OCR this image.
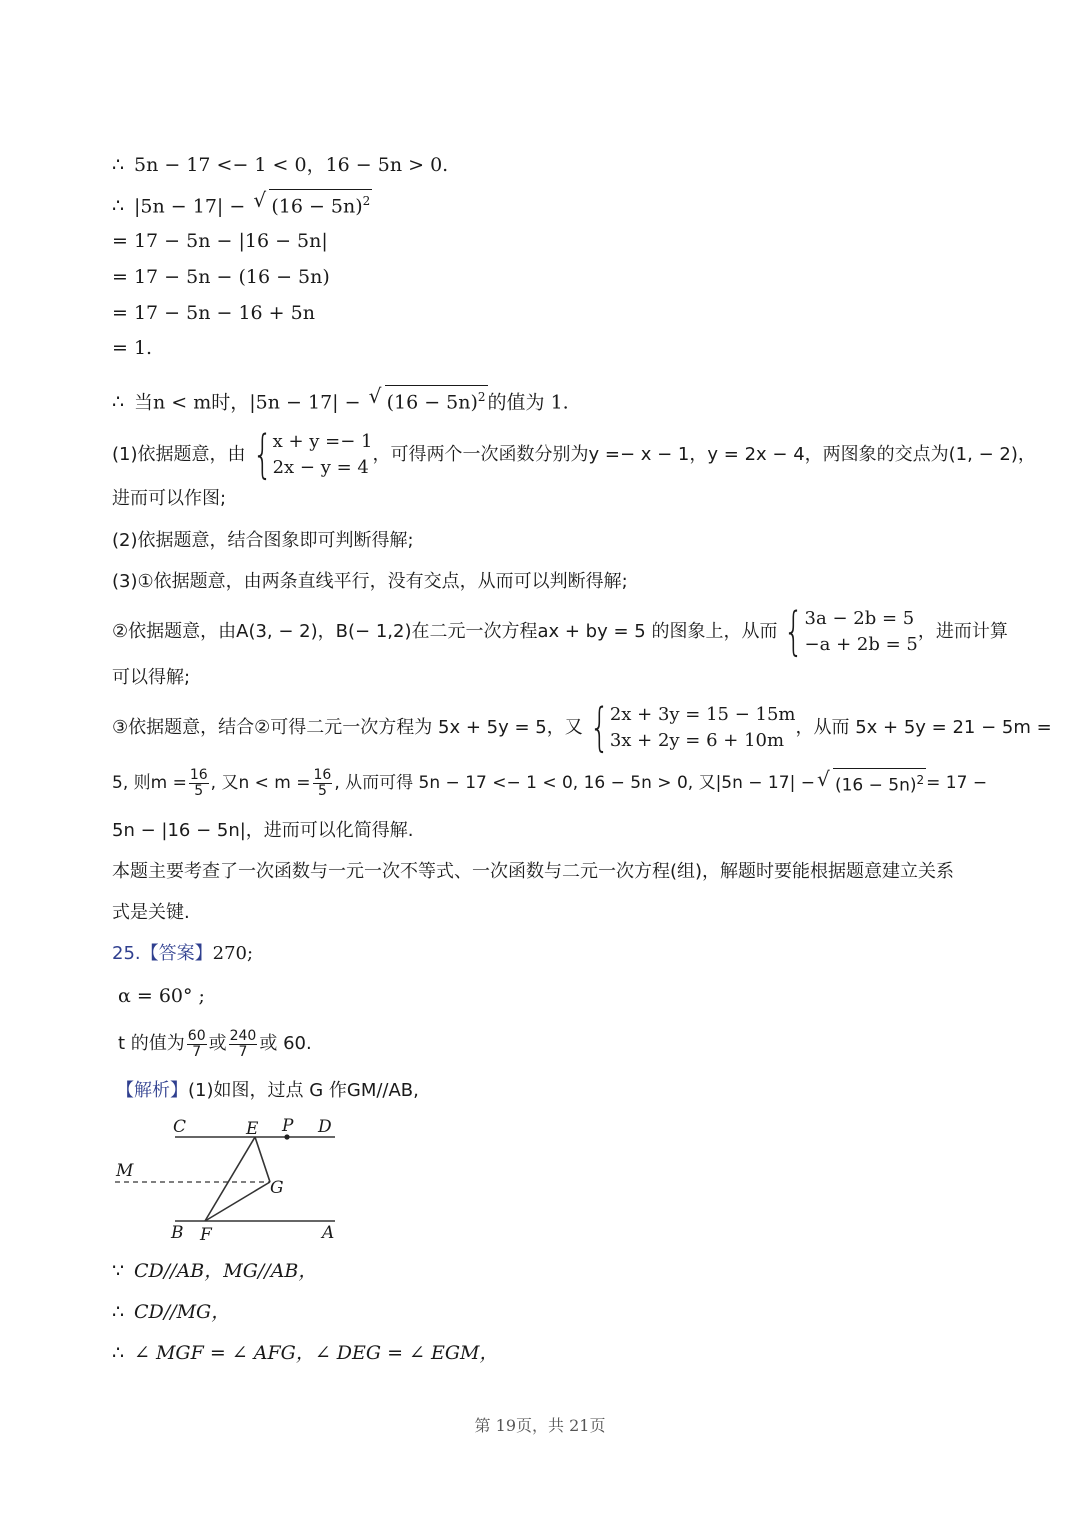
∴ 5n − 17 <− 1 < 0，16 − 5n > 0.
∴ |5n − 17| − √ $(16 - 5n)^2$
= 17 − 5n − |16 − 5n|
= 17 − 5n − (16 − 5n)
= 17 − 5n − 16 + 5n
= 1.
∴ 当n < m时，|5n − 17| − √ $(16 - 5n)^2$ 的值为 1.
(1)依据题意，由 { x + y =− 1
2x − y = 4
，可得两个一次函数分别为y =− x − 1，y = 2x − 4，两图象的交点为(1, − 2)，
进而可以作图;
(2)依据题意，结合图象即可判断得解;
(3)①依据题意，由两条直线平行，没有交点，从而可以判断得解;
②依据题意，由A(3, − 2)，B(− 1,2)在二元一次方程ax + by = 5 的图象上，从而 { 3a − 2b = 5
−a + 2b = 5
，进而计算
可以得解;
③依据题意，结合②可得二元一次方程为 5x + 5y = 5，又 { 2x + 3y = 15 − 15m
3x + 2y = 6 + 10m
，从而 5x + 5y = 21 − 5m =
5, 则$m = \frac{16}{5}$ , 又$n < m = \frac{16}{5}$ , 从而可得 5n − 17 <− 1 < 0, 16 − 5n > 0, 又|5n − 17| −	√ $(16 - 5n)^2 = 17$ −
5n − |16 − 5n|，进而可以化简得解.
本题主要考查了一次函数与一元一次不等式、一次函数与二元一次方程(组)，解题时要能根据题意建立关系
式是关键.
25.【答案】270;
α = 60° ;
t 的值为 $\frac{60}{7}$ 或 $\frac{240}{7}$ 或 60.
【解析】(1)如图，过点 G 作GM//AB,
C	E P D
M
G
B F	A
∵ CD//AB，MG//AB，
∴ CD//MG，
∴ ∠ MGF = ∠ AFG，∠ DEG = ∠ EGM，
第 19页，共 21页
